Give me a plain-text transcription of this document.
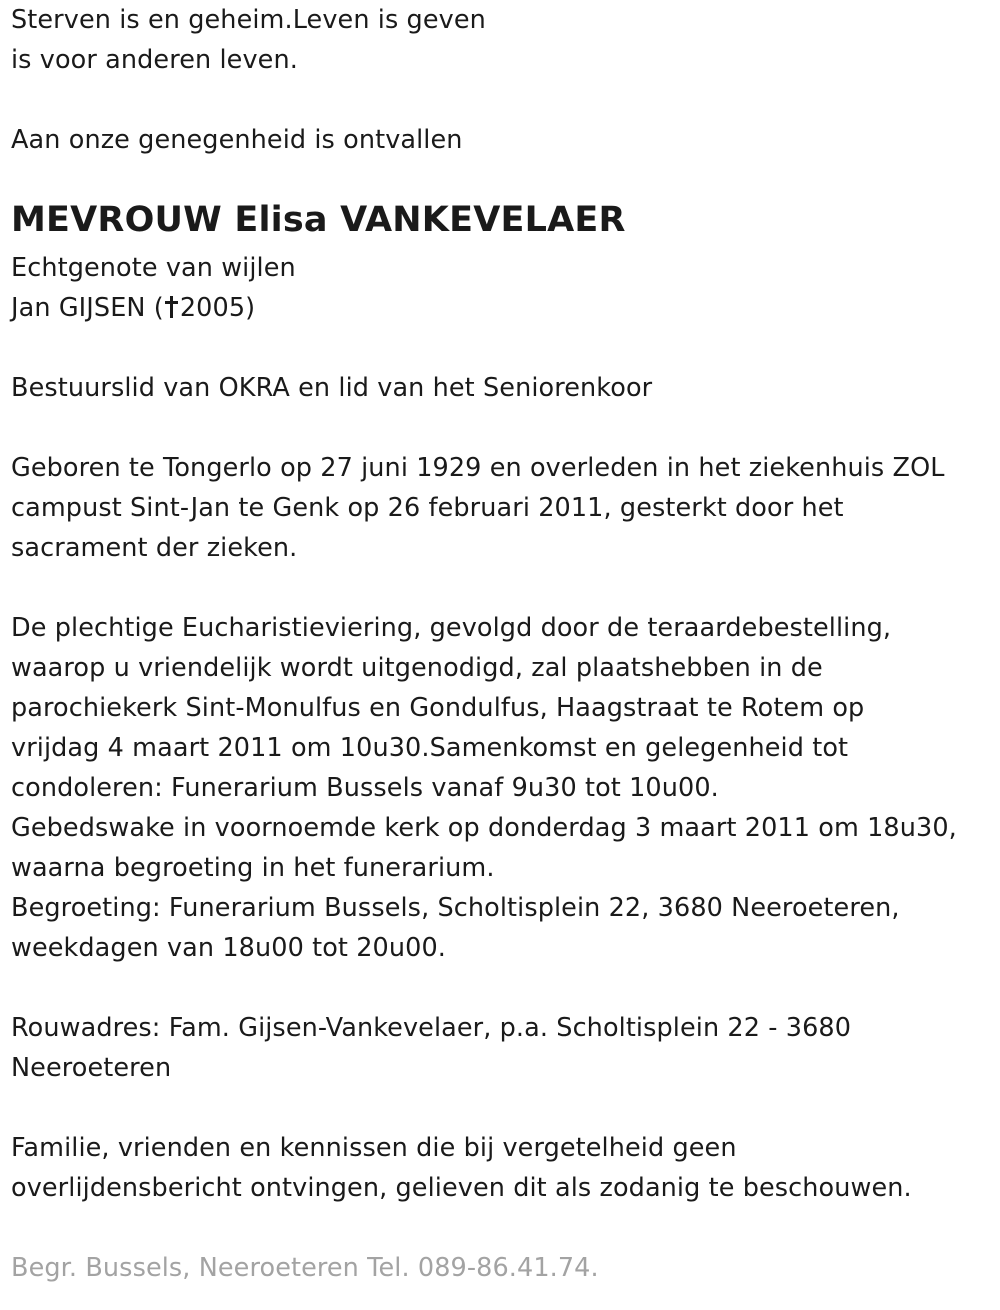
Sterven is en geheim.Leven is geven
is voor anderen leven.
Aan onze genegenheid is ontvallen
MEVROUW Elisa VANKEVELAER
Echtgenote van wijlen
Jan GIJSEN ( 2005)
Bestuurslid van OKRA en lid van het Seniorenkoor
Geboren te Tongerlo op 27 juni 1929 en overleden in het ziekenhuis ZOL
campust Sint-Jan te Genk op 26 februari 2011, gesterkt door het
sacrament der zieken.
De plechtige Eucharistieviering, gevolgd door de teraardebestelling,
waarop u vriendelijk wordt uitgenodigd, zal plaatshebben in de
parochiekerk Sint-Monulfus en Gondulfus, Haagstraat te Rotem op
vrijdag 4 maart 2011 om 10u30.Samenkomst en gelegenheid tot
condoleren: Funerarium Bussels vanaf 9u30 tot 10u00.
Gebedswake in voornoemde kerk op donderdag 3 maart 2011 om 18u30,
waarna begroeting in het funerarium.
Begroeting: Funerarium Bussels, Scholtisplein 22, 3680 Neeroeteren,
weekdagen van 18u00 tot 20u00.
Rouwadres: Fam. Gijsen-Vankevelaer, p.a. Scholtisplein 22 - 3680
Neeroeteren
Familie, vrienden en kennissen die bij vergetelheid geen
overlijdensbericht ontvingen, gelieven dit als zodanig te beschouwen.
Begr. Bussels, Neeroeteren Tel. 089-86.41.74.
